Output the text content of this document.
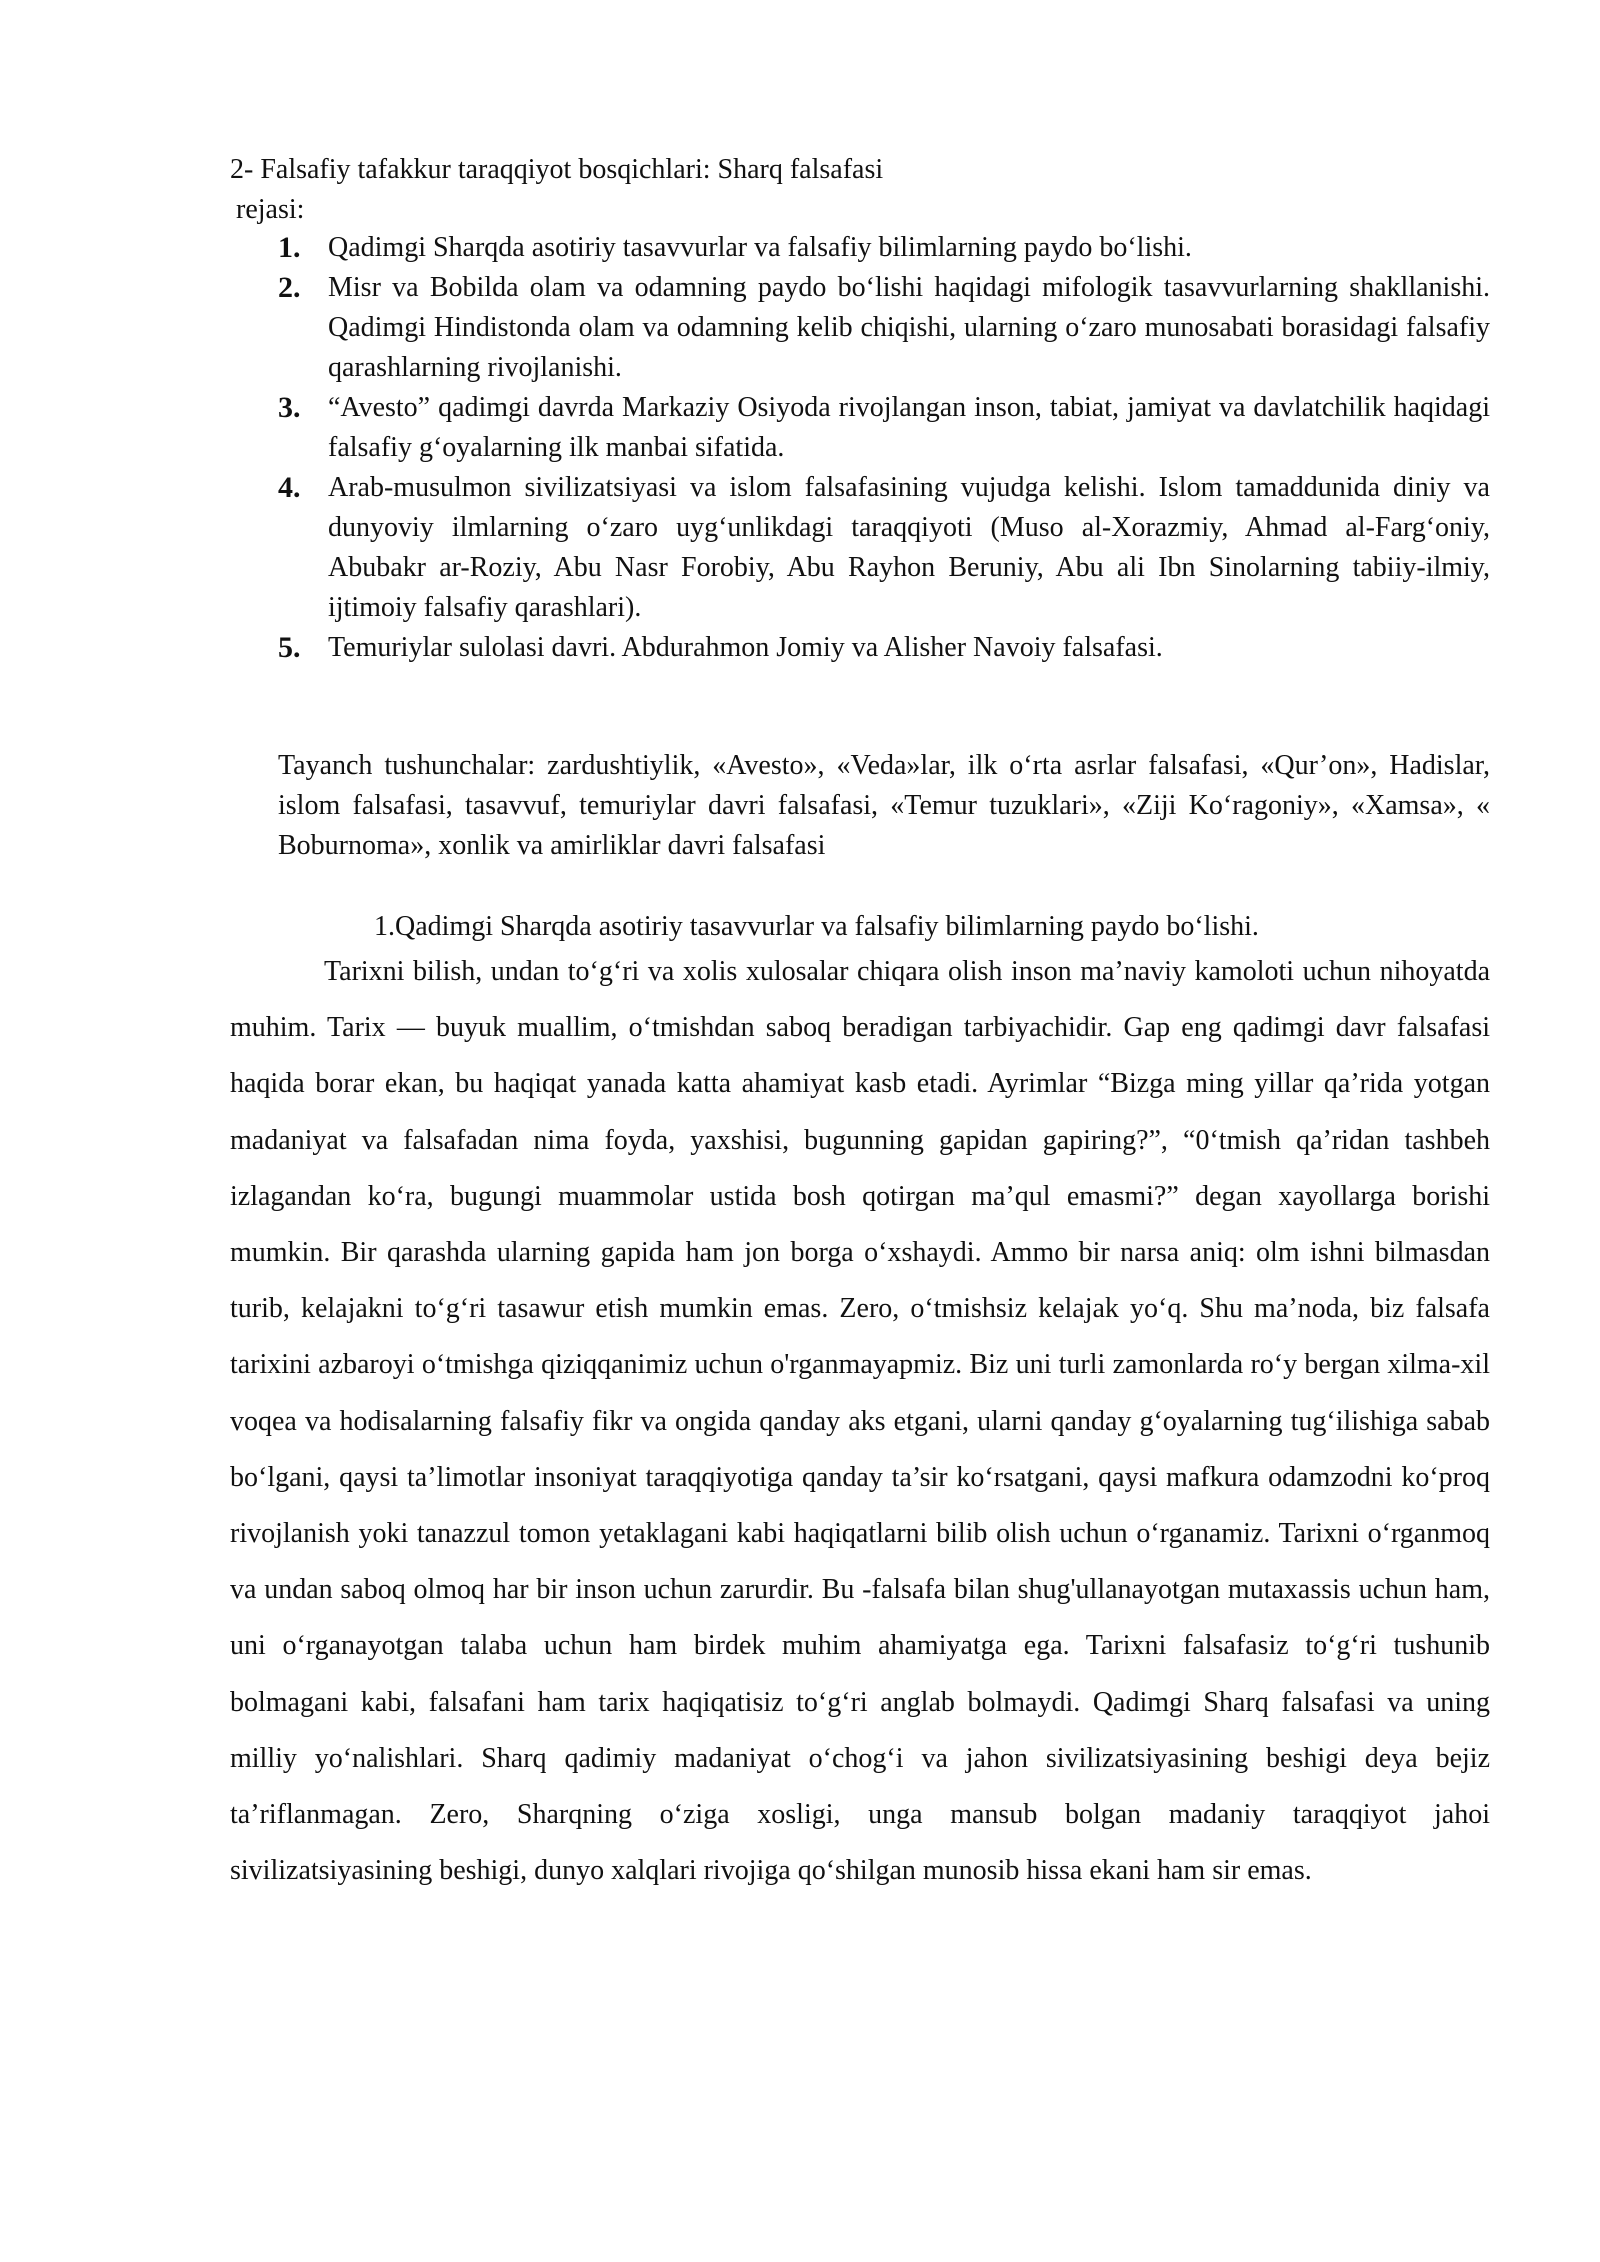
2- Falsafiy tafakkur taraqqiyot bosqichlari: Sharq falsafasi
rejasi:
1. Qadimgi Sharqda asotiriy tasavvurlar va falsafiy bilimlarning paydo bo‘lishi.
2. Misr va Bobilda olam va odamning paydo bo‘lishi haqidagi mifologik tasavvurlarning shakllanishi. Qadimgi Hindistonda olam va odamning kelib chiqishi, ularning o‘zaro munosabati borasidagi falsafiy qarashlarning rivojlanishi.
3. “Avesto” qadimgi davrda Markaziy Osiyoda rivojlangan inson, tabiat, jamiyat va davlatchilik haqidagi falsafiy g‘oyalarning ilk manbai sifatida.
4. Arab-musulmon sivilizatsiyasi va islom falsafasining vujudga kelishi. Islom tamaddunida diniy va dunyoviy ilmlarning o‘zaro uyg‘unlikdagi taraqqiyoti (Muso al-Xorazmiy, Ahmad al-Farg‘oniy, Abubakr ar-Roziy, Abu Nasr Forobiy, Abu Rayhon Beruniy, Abu ali Ibn Sinolarning tabiiy-ilmiy, ijtimoiy falsafiy qarashlari).
5. Temuriylar sulolasi davri. Abdurahmon Jomiy va Alisher Navoiy falsafasi.
Tayanch tushunchalar: zardushtiylik, «Avesto», «Veda»lar, ilk o‘rta asrlar falsafasi, «Qur’on», Hadislar, islom falsafasi, tasavvuf, temuriylar davri falsafasi, «Temur tuzuklari», «Ziji Ko‘ragoniy», «Xamsa», « Boburnoma», xonlik va amirliklar davri falsafasi
1.Qadimgi Sharqda asotiriy tasavvurlar va falsafiy bilimlarning paydo bo‘lishi.

Tarixni bilish, undan to‘g‘ri va xolis xulosalar chiqara olish inson ma’naviy kamoloti uchun nihoyatda muhim. Tarix — buyuk muallim, o‘tmishdan saboq beradigan tarbiyachidir. Gap eng qadimgi davr falsafasi haqida borar ekan, bu haqiqat yanada katta ahamiyat kasb etadi. Ayrimlar “Bizga ming yillar qa’rida yotgan madaniyat va falsafadan nima foyda, yaxshisi, bugunning gapidan gapiring?”, “0‘tmish qa’ridan tashbeh izlagandan ko‘ra, bugungi muammolar ustida bosh qotirgan ma’qul emasmi?” degan xayollarga borishi mumkin. Bir qarashda ularning gapida ham jon borga o‘xshaydi. Ammo bir narsa aniq: olm ishni bilmasdan turib, kelajakni to‘g‘ri tasawur etish mumkin emas. Zero, o‘tmishsiz kelajak yo‘q. Shu ma’noda, biz falsafa tarixini azbaroyi o‘tmishga qiziqqanimiz uchun o'rganmayapmiz. Biz uni turli zamonlarda ro‘y bergan xilma-xil voqea va hodisalarning falsafiy fikr va ongida qanday aks etgani, ularni qanday g‘oyalarning tug‘ilishiga sabab bo‘lgani, qaysi ta’limotlar insoniyat taraqqiyotiga qanday ta’sir ko‘rsatgani, qaysi mafkura odamzodni ko‘proq rivojlanish yoki tanazzul tomon yetaklagani kabi haqiqatlarni bilib olish uchun o‘rganamiz. Tarixni o‘rganmoq va undan saboq olmoq har bir inson uchun zarurdir. Bu -falsafa bilan shug'ullanayotgan mutaxassis uchun ham, uni o‘rganayotgan talaba uchun ham birdek muhim ahamiyatga ega. Tarixni falsafasiz to‘g‘ri tushunib bolmagani kabi, falsafani ham tarix haqiqatisiz to‘g‘ri anglab bolmaydi. Qadimgi Sharq falsafasi va uning milliy yo‘nalishlari. Sharq qadimiy madaniyat o‘chog‘i va jahon sivilizatsiyasining beshigi deya bejiz ta’riflanmagan. Zero, Sharqning o‘ziga xosligi, unga mansub bolgan madaniy taraqqiyot jahoi sivilizatsiyasining beshigi, dunyo xalqlari rivojiga qo‘shilgan munosib hissa ekani ham sir emas.
